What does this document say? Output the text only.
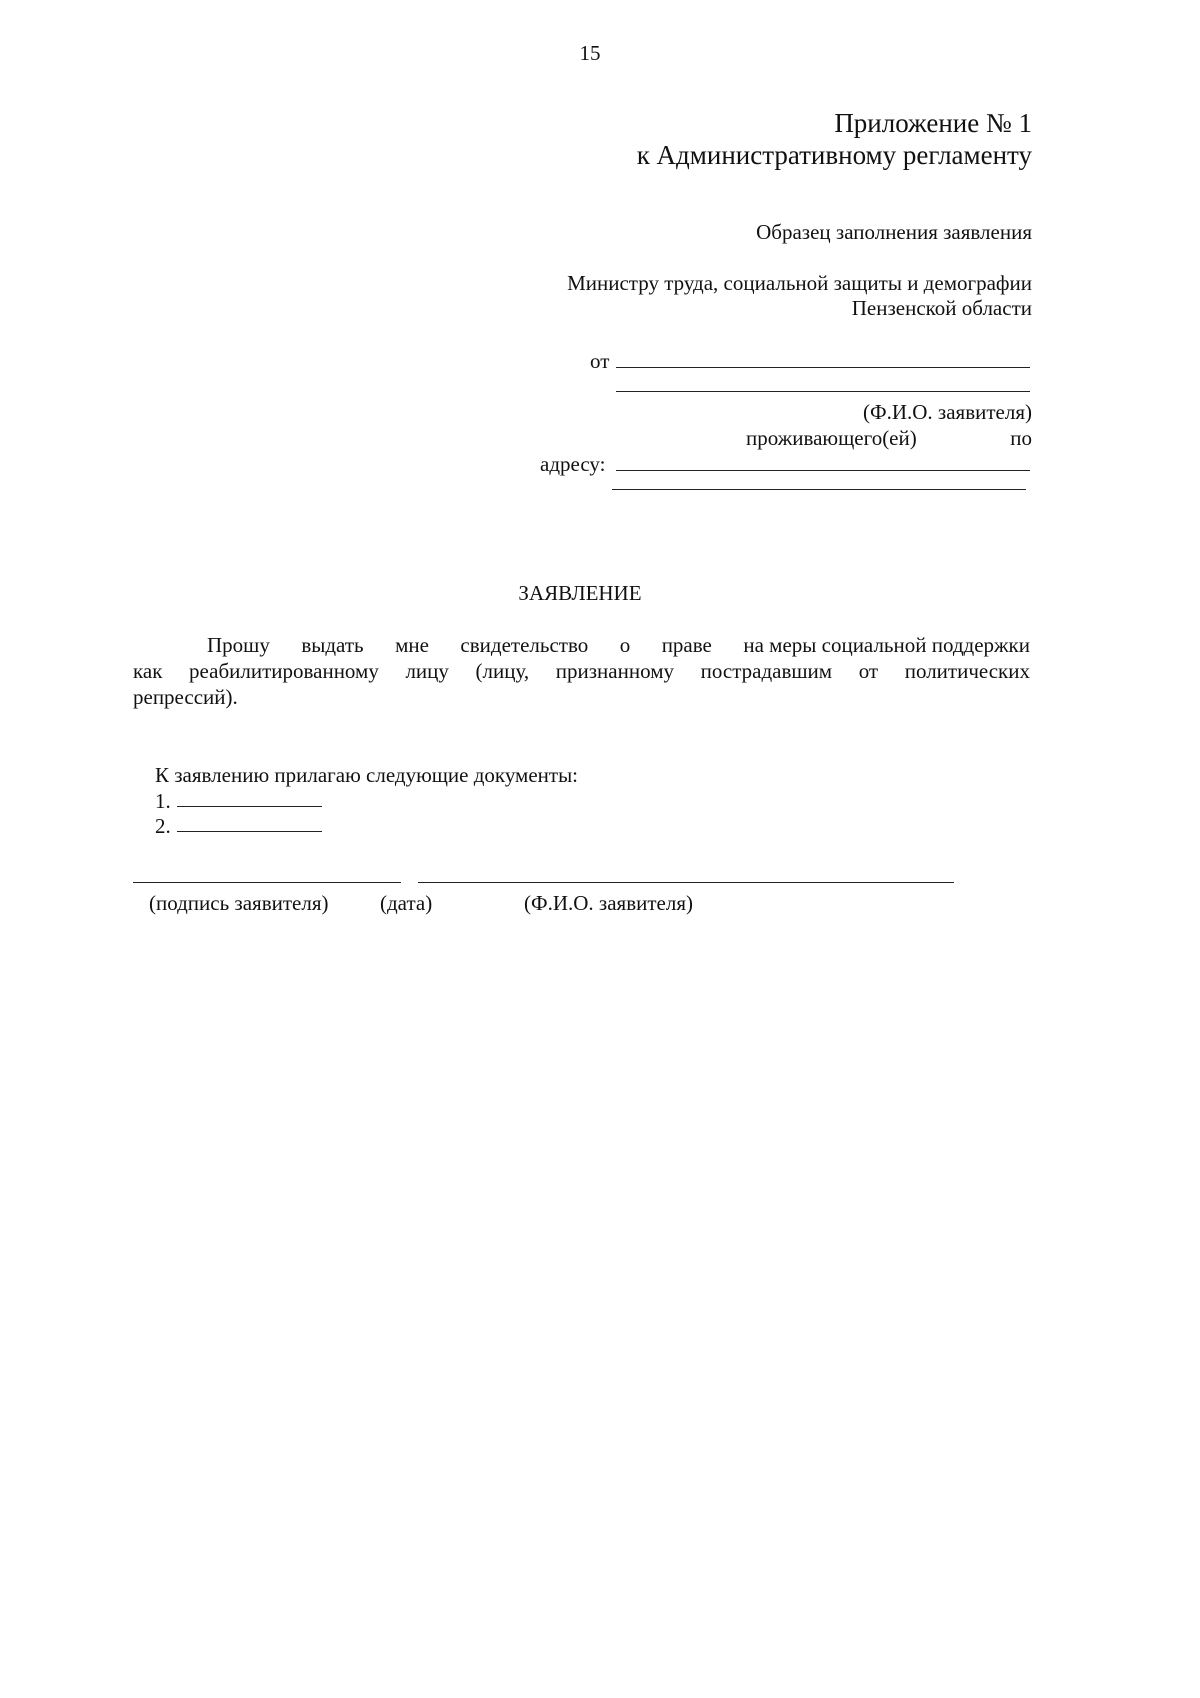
15
Приложение № 1
к Административному регламенту
Образец заполнения заявления
Министру труда, социальной защиты и демографии
Пензенской области
от
(Ф.И.О. заявителя)
проживающего(ей)	по
адресу:
ЗАЯВЛЕНИЕ
Прошу выдать мне свидетельство о праве на меры социальной поддержки
как реабилитированному лицу (лицу, признанному пострадавшим от политических
репрессий).
К заявлению прилагаю следующие документы:
1.
2.
(подпись заявителя) (дата)	(Ф.И.О. заявителя)
